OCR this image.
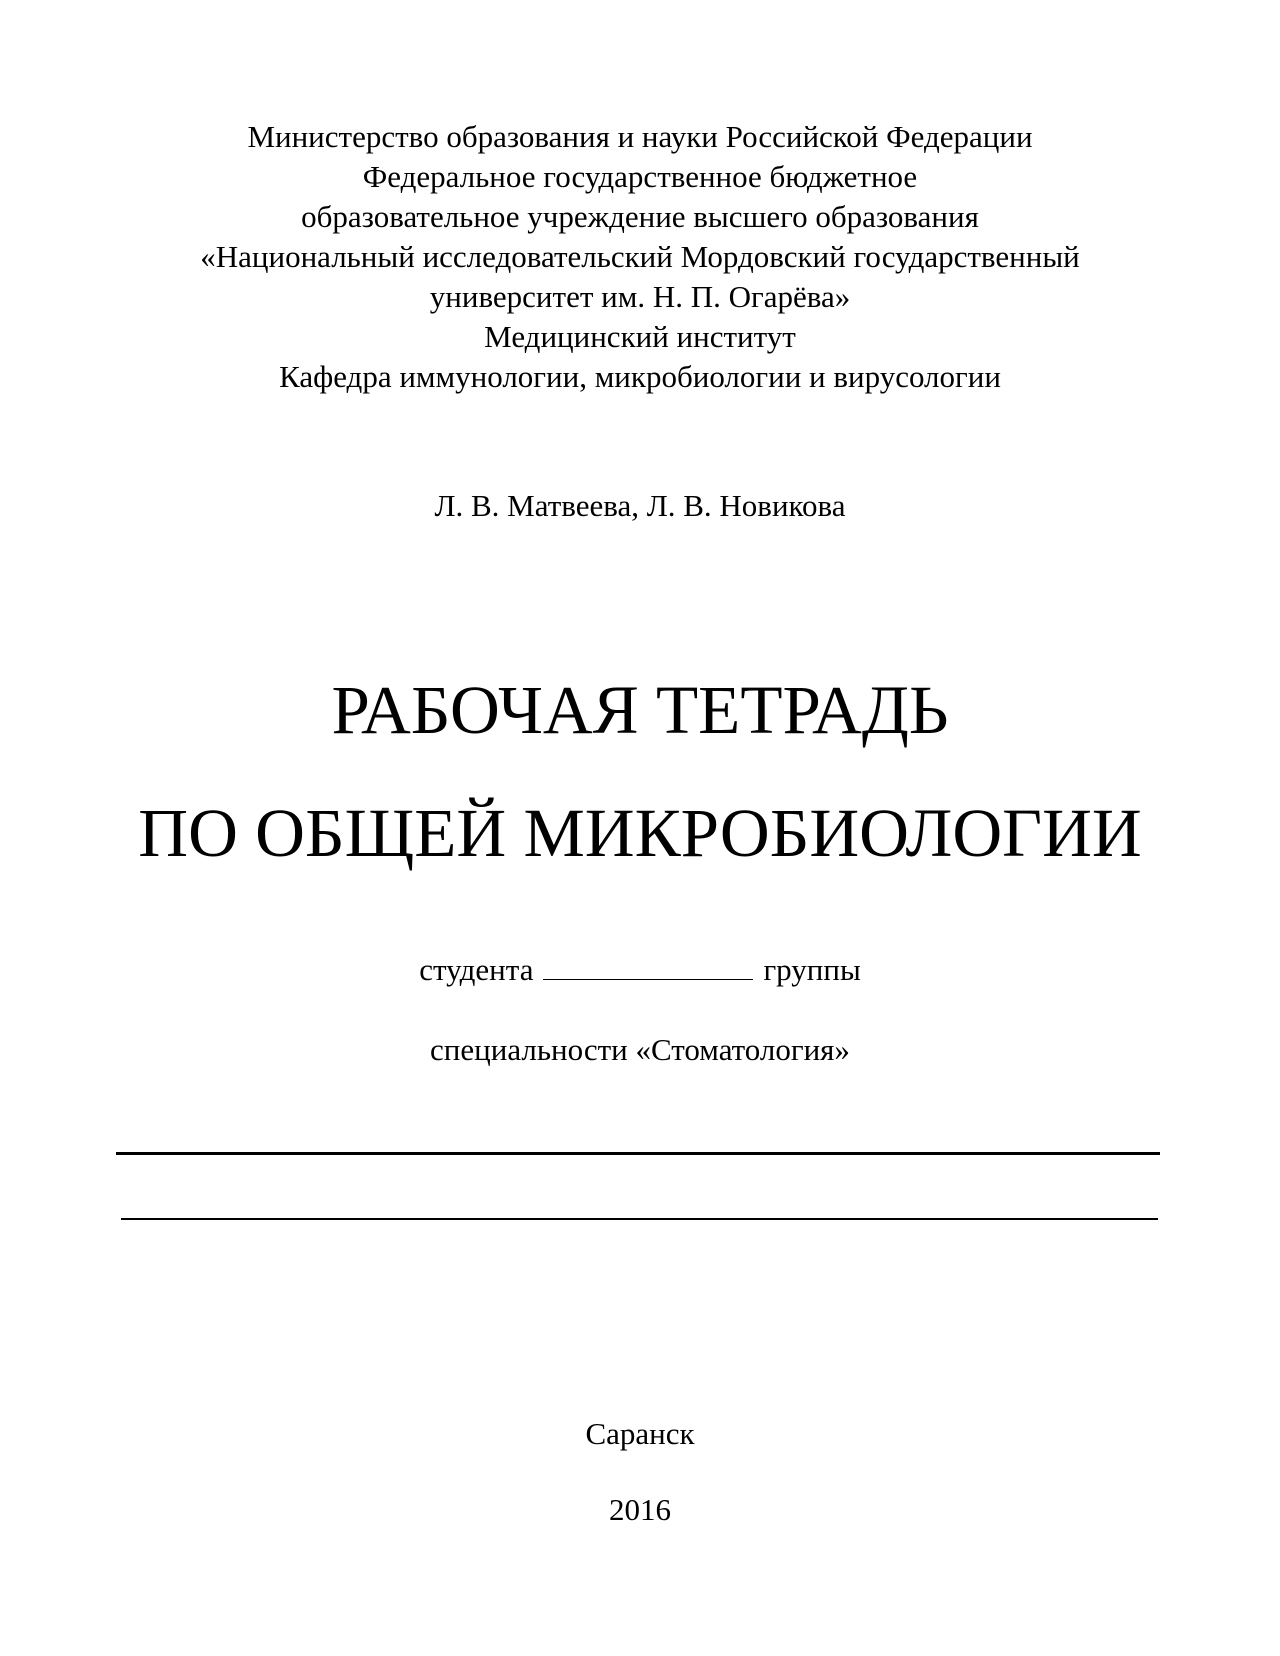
Министерство образования и науки Российской Федерации
Федеральное государственное бюджетное
образовательное учреждение высшего образования
«Национальный исследовательский Мордовский государственный
университет им. Н. П. Огарёва»
Медицинский институт
Кафедра иммунологии, микробиологии и вирусологии
Л. В. Матвеева, Л. В. Новикова
РАБОЧАЯ ТЕТРАДЬ
ПО ОБЩЕЙ МИКРОБИОЛОГИИ
студента	группы
специальности «Стоматология»
Саранск
2016
